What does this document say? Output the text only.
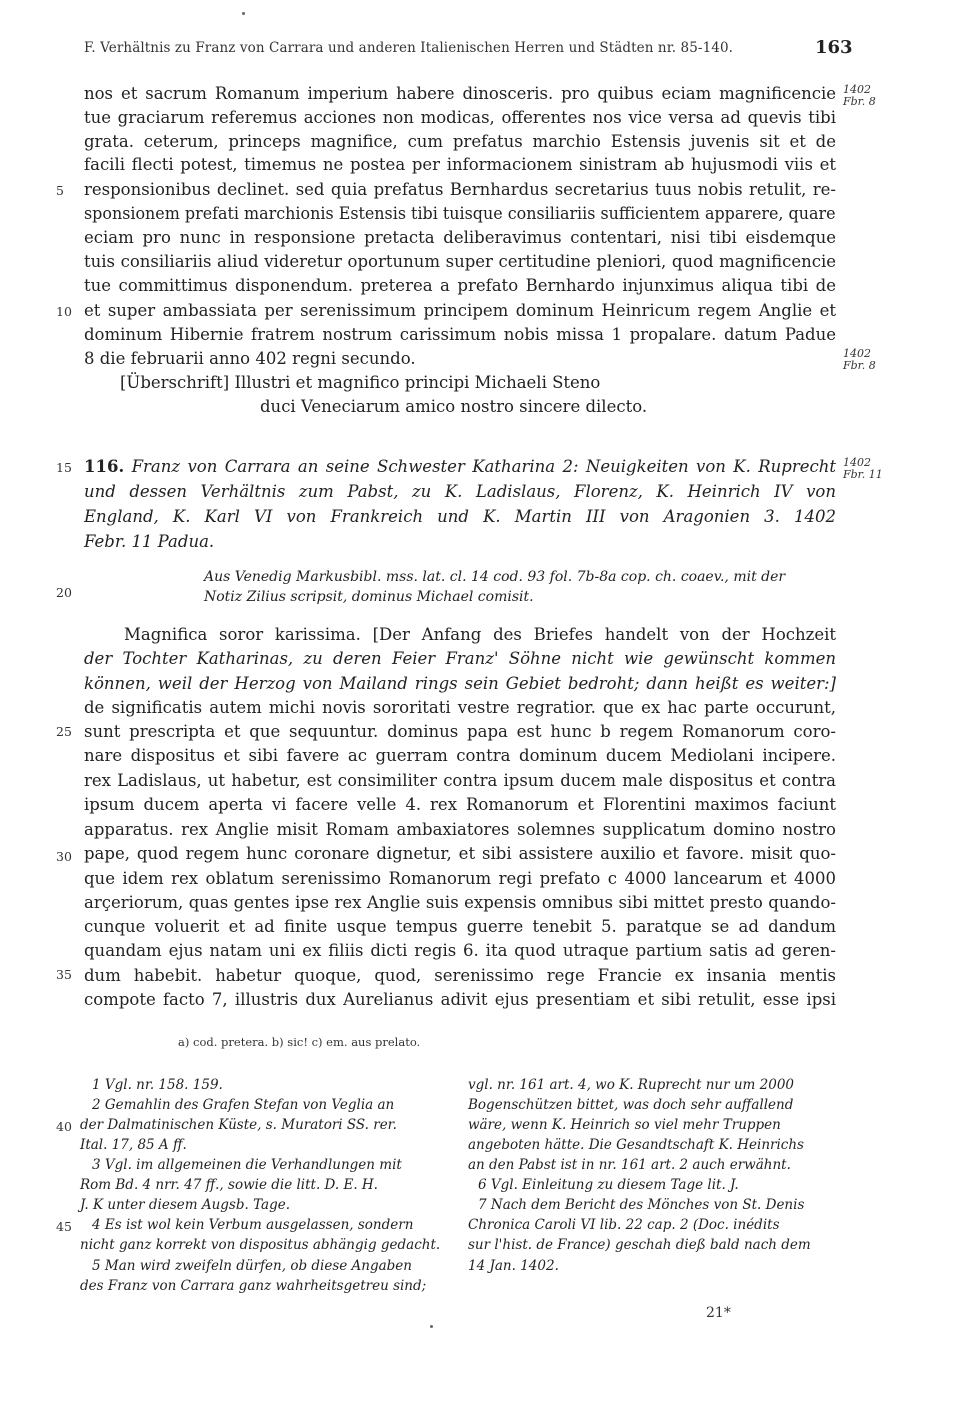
F. Verhältnis zu Franz von Carrara und anderen Italienischen Herren und Städten nr. 85-140.	163
nos et sacrum Romanum imperium habere dinosceris. pro quibus eciam magnificencie
tue graciarum referemus acciones non modicas, offerentes nos vice versa ad quevis tibi
grata. ceterum, princeps magnifice, cum prefatus marchio Estensis juvenis sit et de
facili flecti potest, timemus ne postea per informacionem sinistram ab hujusmodi viis et
responsionibus declinet. sed quia prefatus Bernhardus secretarius tuus nobis retulit, re-
sponsionem prefati marchionis Estensis tibi tuisque consiliariis sufficientem apparere, quare
eciam pro nunc in responsione pretacta deliberavimus contentari, nisi tibi eisdemque
tuis consiliariis aliud videretur oportunum super certitudine pleniori, quod magnificencie
tue committimus disponendum. preterea a prefato Bernhardo injunximus aliqua tibi de
et super ambassiata per serenissimum principem dominum Heinricum regem Anglie et
dominum Hibernie fratrem nostrum carissimum nobis missa 1 propalare. datum Padue
8 die februarii anno 402 regni secundo.
[Überschrift] Illustri et magnifico principi Michaeli Steno
duci Veneciarum amico nostro sincere dilecto.
1402
Fbr. 8
1402
Fbr. 8
5
10
15
20
25
30
35
40
45
116. Franz von Carrara an seine Schwester Katharina 2: Neuigkeiten von K. Ruprecht
und dessen Verhältnis zum Pabst, zu K. Ladislaus, Florenz, K. Heinrich IV von
England, K. Karl VI von Frankreich und K. Martin III von Aragonien 3. 1402
Febr. 11 Padua.
1402
Fbr. 11
Aus Venedig Markusbibl. mss. lat. cl. 14 cod. 93 fol. 7b-8a cop. ch. coaev., mit der
Notiz Zilius scripsit, dominus Michael comisit.
Magnifica soror karissima. [Der Anfang des Briefes handelt von der Hochzeit
der Tochter Katharinas, zu deren Feier Franz' Söhne nicht wie gewünscht kommen
können, weil der Herzog von Mailand rings sein Gebiet bedroht; dann heißt es weiter:]
de significatis autem michi novis sororitati vestre regratior. que ex hac parte occurunt,
sunt prescripta et que sequuntur. dominus papa est hunc b regem Romanorum coro-
nare dispositus et sibi favere ac guerram contra dominum ducem Mediolani incipere.
rex Ladislaus, ut habetur, est consimiliter contra ipsum ducem male dispositus et contra
ipsum ducem aperta vi facere velle 4. rex Romanorum et Florentini maximos faciunt
apparatus. rex Anglie misit Romam ambaxiatores solemnes supplicatum domino nostro
pape, quod regem hunc coronare dignetur, et sibi assistere auxilio et favore. misit quo-
que idem rex oblatum serenissimo Romanorum regi prefato c 4000 lancearum et 4000
arçeriorum, quas gentes ipse rex Anglie suis expensis omnibus sibi mittet presto quando-
cunque voluerit et ad finite usque tempus guerre tenebit 5. paratque se ad dandum
quandam ejus natam uni ex filiis dicti regis 6. ita quod utraque partium satis ad geren-
dum habebit. habetur quoque, quod, serenissimo rege Francie ex insania mentis
compote facto 7, illustris dux Aurelianus adivit ejus presentiam et sibi retulit, esse ipsi
a) cod. pretera. b) sic! c) em. aus prelato.
1 Vgl. nr. 158. 159.
2 Gemahlin des Grafen Stefan von Veglia an
der Dalmatinischen Küste, s. Muratori SS. rer.
Ital. 17, 85 A ff.
3 Vgl. im allgemeinen die Verhandlungen mit
Rom Bd. 4 nrr. 47 ff., sowie die litt. D. E. H.
J. K unter diesem Augsb. Tage.
4 Es ist wol kein Verbum ausgelassen, sondern
nicht ganz korrekt von dispositus abhängig gedacht.
5 Man wird zweifeln dürfen, ob diese Angaben
des Franz von Carrara ganz wahrheitsgetreu sind;
vgl. nr. 161 art. 4, wo K. Ruprecht nur um 2000
Bogenschützen bittet, was doch sehr auffallend
wäre, wenn K. Heinrich so viel mehr Truppen
angeboten hätte. Die Gesandtschaft K. Heinrichs
an den Pabst ist in nr. 161 art. 2 auch erwähnt.
6 Vgl. Einleitung zu diesem Tage lit. J.
7 Nach dem Bericht des Mönches von St. Denis
Chronica Caroli VI lib. 22 cap. 2 (Doc. inédits
sur l'hist. de France) geschah dieß bald nach dem
14 Jan. 1402.
21*
